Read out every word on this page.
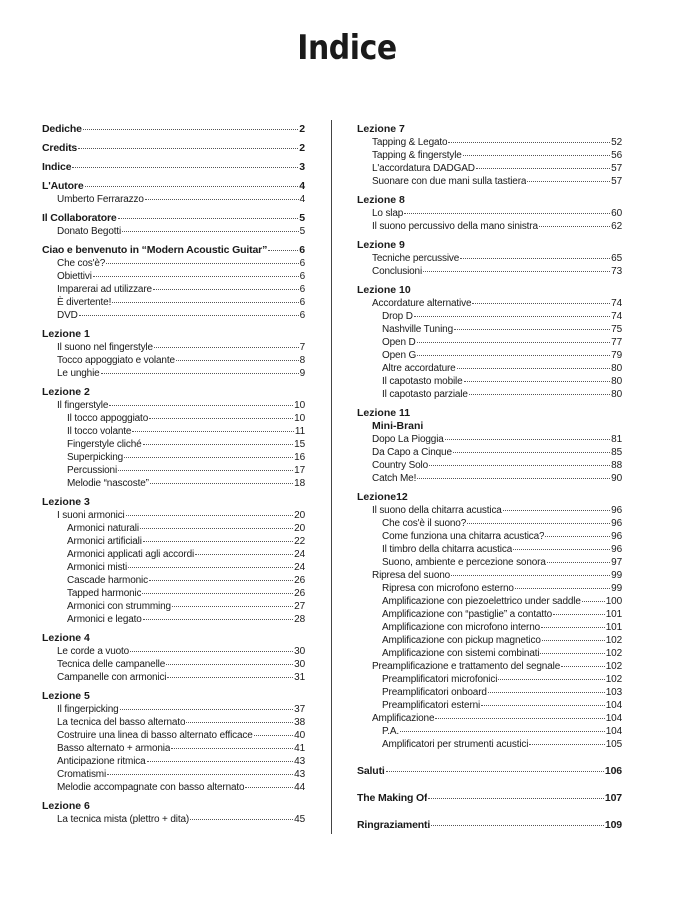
Indice
Dediche	2
Credits	2
Indice	3
L'Autore	4
Umberto Ferrarazzo	4
Il Collaboratore	5
Donato Begotti	5
Ciao e benvenuto in “Modern Acoustic Guitar”	6
Che cos'è?	6
Obiettivi	6
Imparerai ad utilizzare	6
È divertente!	6
DVD	6
Lezione 1
Il suono nel fingerstyle	7
Tocco appoggiato e volante	8
Le unghie	9
Lezione 2
Il fingerstyle	10
Il tocco appoggiato	10
Il tocco volante	11
Fingerstyle cliché	15
Superpicking	16
Percussioni	17
Melodie “nascoste”	18
Lezione 3
I suoni armonici	20
Armonici naturali	20
Armonici artificiali	22
Armonici applicati agli accordi	24
Armonici misti	24
Cascade harmonic	26
Tapped harmonic	26
Armonici con strumming	27
Armonici e legato	28
Lezione 4
Le corde a vuoto	30
Tecnica delle campanelle	30
Campanelle con armonici	31
Lezione 5
Il fingerpicking	37
La tecnica del basso alternato	38
Costruire una linea di basso alternato efficace	40
Basso alternato + armonia	41
Anticipazione ritmica	43
Cromatismi	43
Melodie accompagnate con basso alternato	44
Lezione 6
La tecnica mista (plettro + dita)	45
Lezione 7
Tapping & Legato	52
Tapping & fingerstyle	56
L'accordatura DADGAD	57
Suonare con due mani sulla tastiera	57
Lezione 8
Lo slap	60
Il suono percussivo della mano sinistra	62
Lezione 9
Tecniche percussive	65
Conclusioni	73
Lezione 10
Accordature alternative	74
Drop D	74
Nashville Tuning	75
Open D	77
Open G	79
Altre accordature	80
Il capotasto mobile	80
Il capotasto parziale	80
Lezione 11
Mini-Brani
Dopo La Pioggia	81
Da Capo a Cinque	85
Country Solo	88
Catch Me!	90
Lezione12
Il suono della chitarra acustica	96
Che cos'è il suono?	96
Come funziona una chitarra acustica?	96
Il timbro della chitarra acustica	96
Suono, ambiente e percezione sonora	97
Ripresa del suono	99
Ripresa con microfono esterno	99
Amplificazione con piezoelettrico under saddle 100
Amplificazione con “pastiglie” a contatto	101
Amplificazione con microfono interno	101
Amplificazione con pickup magnetico	102
Amplificazione con sistemi combinati	102
Preamplificazione e trattamento del segnale	102
Preamplificatori microfonici	102
Preamplificatori onboard	103
Preamplificatori esterni	104
Amplificazione	104
P.A.	104
Amplificatori per strumenti acustici	105
Saluti	106
The Making Of	107
Ringraziamenti	109
